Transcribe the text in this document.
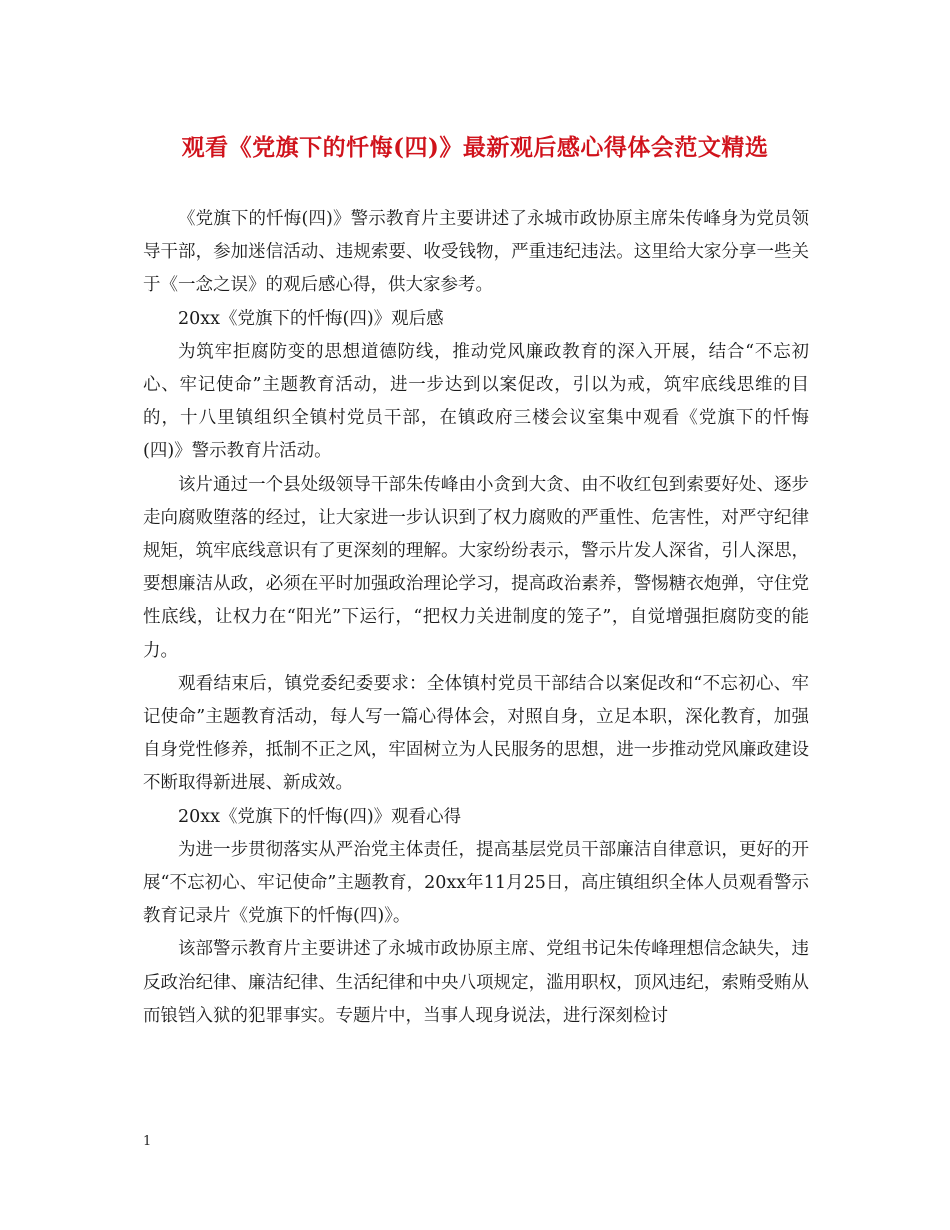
观看《党旗下的忏悔(四)》最新观后感心得体会范文精选

《党旗下的忏悔(四)》警示教育片主要讲述了永城市政协原主席朱传峰身为党员领导干部，参加迷信活动、违规索要、收受钱物，严重违纪违法。这里给大家分享一些关于《一念之误》的观后感心得，供大家参考。

20xx《党旗下的忏悔(四)》观后感

为筑牢拒腐防变的思想道德防线，推动党风廉政教育的深入开展，结合“不忘初心、牢记使命”主题教育活动，进一步达到以案促改，引以为戒，筑牢底线思维的目的，十八里镇组织全镇村党员干部，在镇政府三楼会议室集中观看《党旗下的忏悔(四)》警示教育片活动。

该片通过一个县处级领导干部朱传峰由小贪到大贪、由不收红包到索要好处、逐步走向腐败堕落的经过，让大家进一步认识到了权力腐败的严重性、危害性，对严守纪律规矩，筑牢底线意识有了更深刻的理解。大家纷纷表示，警示片发人深省，引人深思，要想廉洁从政，必须在平时加强政治理论学习，提高政治素养，警惕糖衣炮弹，守住党性底线，让权力在“阳光”下运行，“把权力关进制度的笼子”，自觉增强拒腐防变的能力。

观看结束后，镇党委纪委要求：全体镇村党员干部结合以案促改和“不忘初心、牢记使命”主题教育活动，每人写一篇心得体会，对照自身，立足本职，深化教育，加强自身党性修养，抵制不正之风，牢固树立为人民服务的思想，进一步推动党风廉政建设不断取得新进展、新成效。

20xx《党旗下的忏悔(四)》观看心得

为进一步贯彻落实从严治党主体责任，提高基层党员干部廉洁自律意识，更好的开展“不忘初心、牢记使命”主题教育，20xx年11月25日，高庄镇组织全体人员观看警示教育记录片《党旗下的忏悔(四)》。

该部警示教育片主要讲述了永城市政协原主席、党组书记朱传峰理想信念缺失，违反政治纪律、廉洁纪律、生活纪律和中央八项规定，滥用职权，顶风违纪，索贿受贿从而锒铛入狱的犯罪事实。专题片中，当事人现身说法，进行深刻检讨

1
